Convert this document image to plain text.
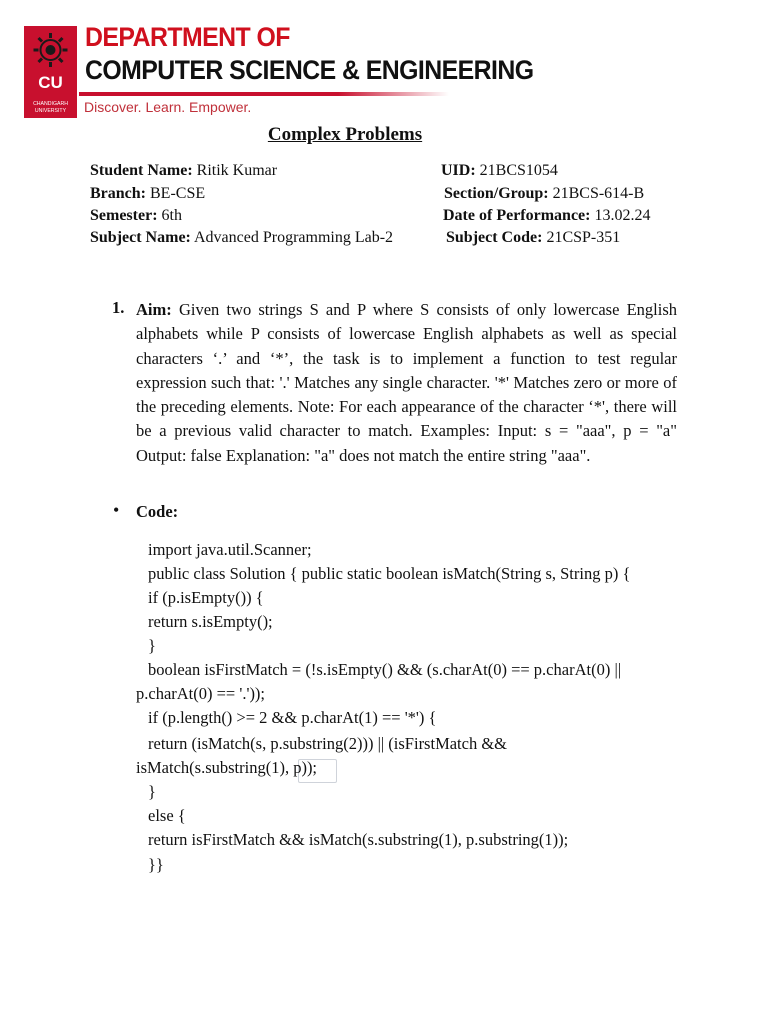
CU
CHANDIGARH
UNIVERSITY
DEPARTMENT OF
COMPUTER SCIENCE & ENGINEERING
Discover. Learn. Empower.
Complex Problems
Student Name: Ritik Kumar	UID: 21BCS1054
Branch: BE-CSE	Section/Group: 21BCS-614-B
Semester: 6th	Date of Performance: 13.02.24
Subject Name: Advanced Programming Lab-2	Subject Code: 21CSP-351
1. Aim: Given two strings S and P where S consists of only lowercase English alphabets while P consists of lowercase English alphabets as well as special characters ‘.’ and ‘*’, the task is to implement a function to test regular expression such that: '.' Matches any single character. '*' Matches zero or more of the preceding elements. Note: For each appearance of the character ‘*', there will be a previous valid character to match. Examples: Input: s = "aaa", p = "a" Output: false Explanation: "a" does not match the entire string "aaa".
• Code:
import java.util.Scanner;
public class Solution { public static boolean isMatch(String s, String p) {
if (p.isEmpty()) {
return s.isEmpty();
}
boolean isFirstMatch = (!s.isEmpty() && (s.charAt(0) == p.charAt(0) ||
p.charAt(0) == '.'));
if (p.length() >= 2 && p.charAt(1) == '*') {
return (isMatch(s, p.substring(2))) || (isFirstMatch &&
isMatch(s.substring(1), p));
}
else {
return isFirstMatch && isMatch(s.substring(1), p.substring(1));
}}
